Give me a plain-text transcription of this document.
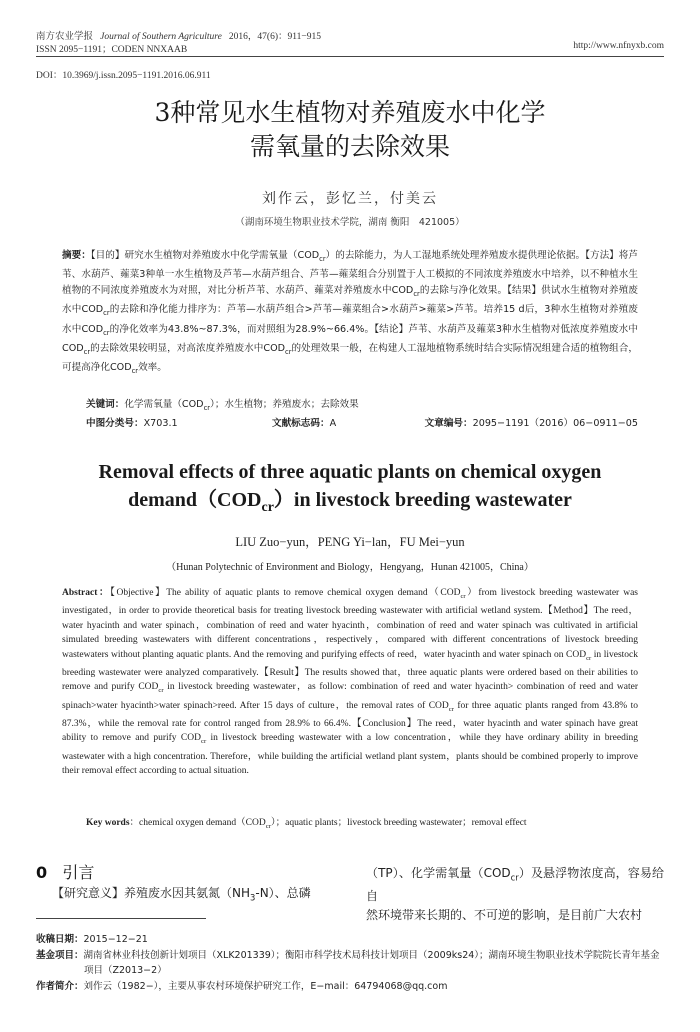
南方农业学报 Journal of Southern Agriculture 2016，47(6)：911−915
ISSN 2095−1191；CODEN NNXAAB	http://www.nfnyxb.com
DOI：10.3969/j.issn.2095−1191.2016.06.911
3种常见水生植物对养殖废水中化学
需氧量的去除效果
刘作云，彭忆兰，付美云
（湖南环境生物职业技术学院，湖南 衡阳　421005）
摘要：【目的】研究水生植物对养殖废水中化学需氧量$(COD_{cr})$的去除能力，为人工湿地系统处理养殖废水提供理论依据。【方法】将芦苇、水葫芦、蕹菜3种单一水生植物及芦苇—水葫芦组合、芦苇—蕹菜组合分别置于人工模拟的不同浓度养殖废水中培养，以不种植水生植物的不同浓度养殖废水为对照，对比分析芦苇、水葫芦、蕹菜对养殖废水中$COD_{cr}$的去除与净化效果。【结果】供试水生植物对养殖废水中$COD_{cr}$的去除和净化能力排序为：芦苇—水葫芦组合>芦苇—蕹菜组合>水葫芦>蕹菜>芦苇。培养15 d后，3种水生植物对养殖废水中$COD_{cr}$的净化效率为43.8%~87.3%，而对照组为28.9%~66.4%。【结论】芦苇、水葫芦及蕹菜3种水生植物对低浓度养殖废水中$COD_{cr}$的去除效果较明显，对高浓度养殖废水中$COD_{cr}$的处理效果一般，在构建人工湿地植物系统时结合实际情况组建合适的植物组合，可提高净化$COD_{cr}$效率。
关键词：化学需氧量$(COD_{cr})$；水生植物；养殖废水；去除效果
中图分类号：X703.1	文献标志码：A	文章编号：2095−1191（2016）06−0911−05
Removal effects of three aquatic plants on chemical oxygen
$demand(COD_{cr})in$ livestock breeding wastewater
LIU Zuo−yun，PENG Yi−lan，FU Mei−yun
（Hunan Polytechnic of Environment and Biology，Hengyang，Hunan 421005，China）
Abstract：【Objective】The ability of aquatic plants to remove chemical oxygen $demand(COD_{cr})from$ livestock breeding wastewater was investigated，in order to provide theoretical basis for treating livestock breeding wastewater with artificial wetland system.【Method】The reed，water hyacinth and water spinach，combination of reed and water hyacinth，combination of reed and water spinach was cultivated in artificial simulated breeding wastewaters with different concentrations，respectively，compared with different concentrations of livestock breeding wastewaters without planting aquatic plants. And the removing and purifying effects of reed，water hyacinth and water spinach on $COD_{cr}$ in livestock breeding wastewater were analyzed comparatively.【Result】The results showed that，three aquatic plants were ordered based on their abilities to remove and purify $COD_{cr}$ in livestock breeding wastewater，as follow: combination of reed and water hyacinth> combination of reed and water spinach>water hyacinth>water spinach>reed. After 15 days of culture，the removal rates of $COD_{cr}$ for three aquatic plants ranged from 43.8% to 87.3%，while the removal rate for control ranged from 28.9% to 66.4%.【Conclusion】The reed，water hyacinth and water spinach have great ability to remove and purify $COD_{cr}$ in livestock breeding wastewater with a low concentration，while they have ordinary ability in breeding wastewater with a high concentration. Therefore，while building the artificial wetland plant system，plants should be combined properly to improve their removal effect according to actual situation.
Key words：chemical oxygen $demand(COD_{cr})$；aquatic plants；livestock breeding wastewater；removal effect
0 引言
【研究意义】养殖废水因其氨氮$(NH_3-N)$、总磷
（TP）、化学需氧量$(COD_{cr})$及悬浮物浓度高，容易给自
然环境带来长期的、不可逆的影响，是目前广大农村
收稿日期：2015−12−21
基金项目：湖南省林业科技创新计划项目（XLK201339）；衡阳市科学技术局科技计划项目（2009ks24）；湖南环境生物职业技术学院院长青年基金项目（Z2013−2）
作者简介：刘作云（1982−），主要从事农村环境保护研究工作，E−mail：64794068@qq.com
